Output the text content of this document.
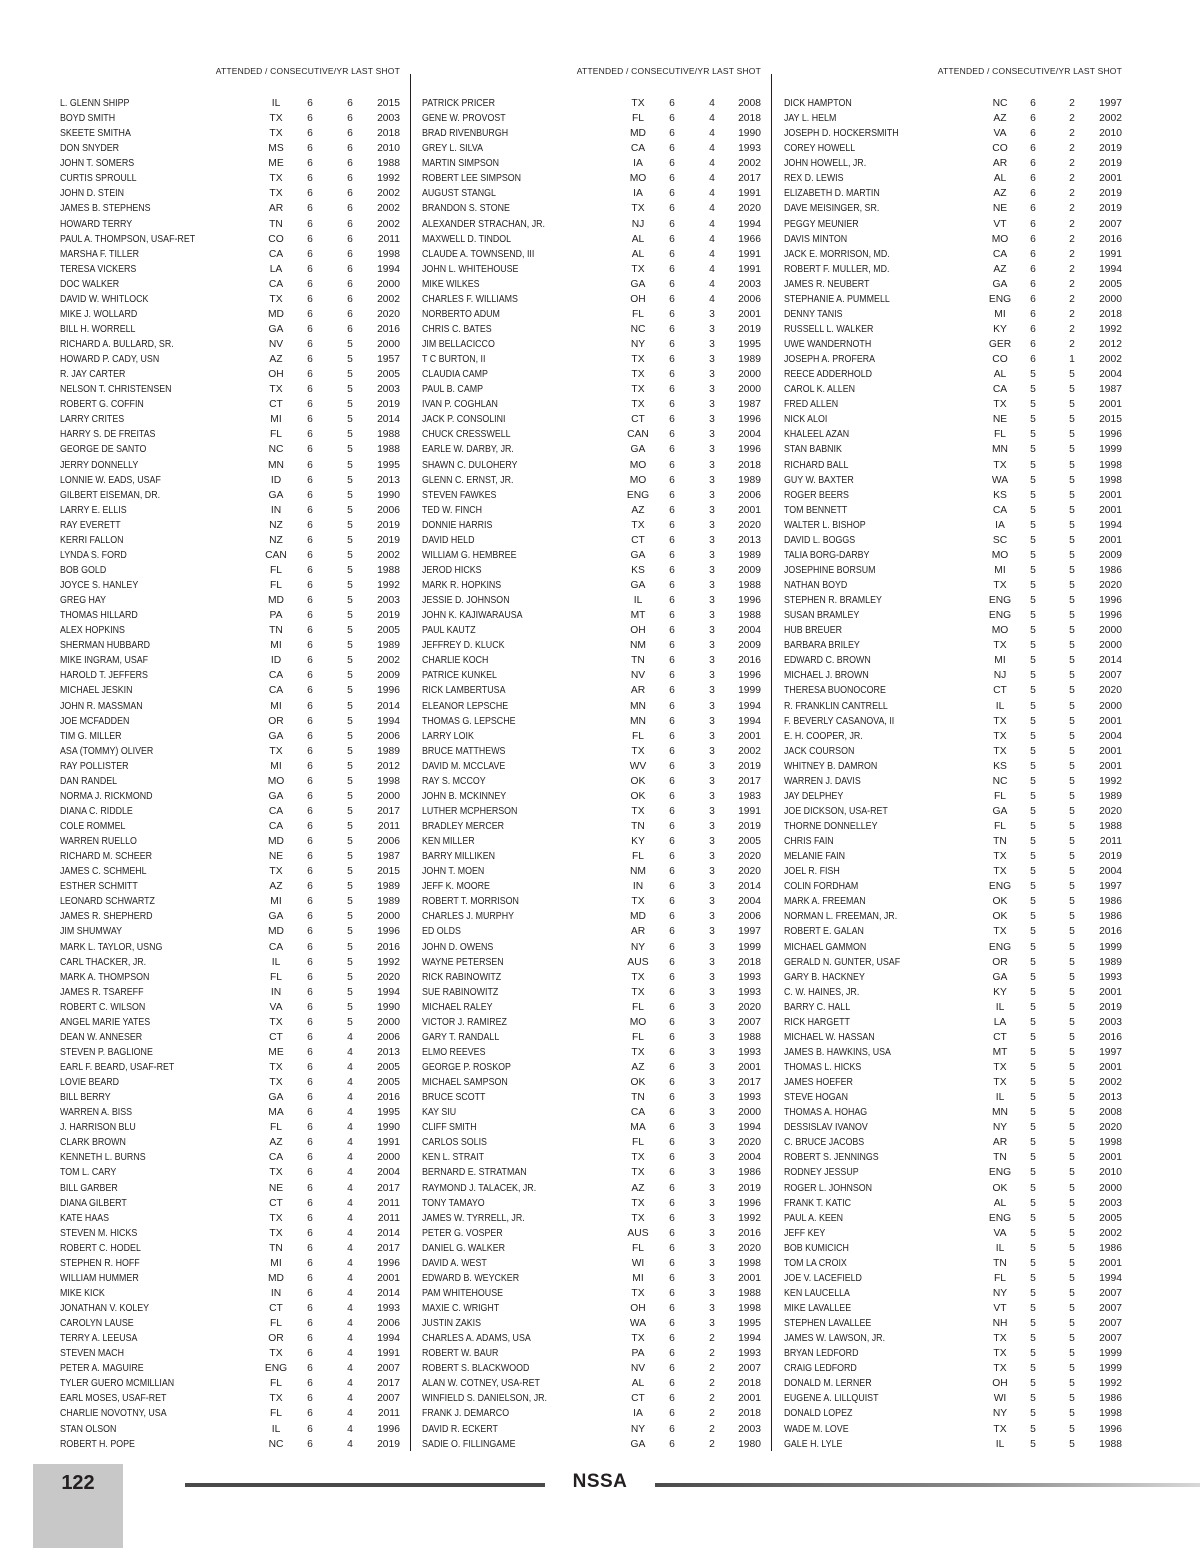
ATTENDED / CONSECUTIVE/YR LAST SHOT
L. GLENN SHIPP	IL	6	6	2015
BOYD SMITH	TX	6	6	2003
SKEETE SMITHA	TX	6	6	2018
DON SNYDER	MS	6	6	2010
JOHN T. SOMERS	ME	6	6	1988
CURTIS SPROULL	TX	6	6	1992
JOHN D. STEIN	TX	6	6	2002
JAMES B. STEPHENS	AR	6	6	2002
HOWARD TERRY	TN	6	6	2002
PAUL A. THOMPSON, USAF-RET	CO	6	6	2011
MARSHA F. TILLER	CA	6	6	1998
TERESA VICKERS	LA	6	6	1994
DOC WALKER	CA	6	6	2000
DAVID W. WHITLOCK	TX	6	6	2002
MIKE J. WOLLARD	MD	6	6	2020
BILL H. WORRELL	GA	6	6	2016
RICHARD A. BULLARD, SR.	NV	6	5	2000
HOWARD P. CADY, USN	AZ	6	5	1957
R. JAY CARTER	OH	6	5	2005
NELSON T. CHRISTENSEN	TX	6	5	2003
ROBERT G. COFFIN	CT	6	5	2019
LARRY CRITES	MI	6	5	2014
HARRY S. DE FREITAS	FL	6	5	1988
GEORGE DE SANTO	NC	6	5	1988
JERRY DONNELLY	MN	6	5	1995
LONNIE W. EADS, USAF	ID	6	5	2013
GILBERT EISEMAN, DR.	GA	6	5	1990
LARRY E. ELLIS	IN	6	5	2006
RAY EVERETT	NZ	6	5	2019
KERRI FALLON	NZ	6	5	2019
LYNDA S. FORD	CAN	6	5	2002
BOB GOLD	FL	6	5	1988
JOYCE S. HANLEY	FL	6	5	1992
GREG HAY	MD	6	5	2003
THOMAS HILLARD	PA	6	5	2019
ALEX HOPKINS	TN	6	5	2005
SHERMAN HUBBARD	MI	6	5	1989
MIKE INGRAM, USAF	ID	6	5	2002
HAROLD T. JEFFERS	CA	6	5	2009
MICHAEL JESKIN	CA	6	5	1996
JOHN R. MASSMAN	MI	6	5	2014
JOE MCFADDEN	OR	6	5	1994
TIM G. MILLER	GA	6	5	2006
ASA (TOMMY) OLIVER	TX	6	5	1989
RAY POLLISTER	MI	6	5	2012
DAN RANDEL	MO	6	5	1998
NORMA J. RICKMOND	GA	6	5	2000
DIANA C. RIDDLE	CA	6	5	2017
COLE ROMMEL	CA	6	5	2011
WARREN RUELLO	MD	6	5	2006
RICHARD M. SCHEER	NE	6	5	1987
JAMES C. SCHMEHL	TX	6	5	2015
ESTHER SCHMITT	AZ	6	5	1989
LEONARD SCHWARTZ	MI	6	5	1989
JAMES R. SHEPHERD	GA	6	5	2000
JIM SHUMWAY	MD	6	5	1996
MARK L. TAYLOR, USNG	CA	6	5	2016
CARL THACKER, JR.	IL	6	5	1992
MARK A. THOMPSON	FL	6	5	2020
JAMES R. TSAREFF	IN	6	5	1994
ROBERT C. WILSON	VA	6	5	1990
ANGEL MARIE YATES	TX	6	5	2000
DEAN W. ANNESER	CT	6	4	2006
STEVEN P. BAGLIONE	ME	6	4	2013
EARL F. BEARD, USAF-RET	TX	6	4	2005
LOVIE BEARD	TX	6	4	2005
BILL BERRY	GA	6	4	2016
WARREN A. BISS	MA	6	4	1995
J. HARRISON BLU	FL	6	4	1990
CLARK BROWN	AZ	6	4	1991
KENNETH L. BURNS	CA	6	4	2000
TOM L. CARY	TX	6	4	2004
BILL GARBER	NE	6	4	2017
DIANA GILBERT	CT	6	4	2011
KATE HAAS	TX	6	4	2011
STEVEN M. HICKS	TX	6	4	2014
ROBERT C. HODEL	TN	6	4	2017
STEPHEN R. HOFF	MI	6	4	1996
WILLIAM HUMMER	MD	6	4	2001
MIKE KICK	IN	6	4	2014
JONATHAN V. KOLEY	CT	6	4	1993
CAROLYN LAUSE	FL	6	4	2006
TERRY A. LEEUSA	OR	6	4	1994
STEVEN MACH	TX	6	4	1991
PETER A. MAGUIRE	ENG	6	4	2007
TYLER GUERO MCMILLIAN	FL	6	4	2017
EARL MOSES, USAF-RET	TX	6	4	2007
CHARLIE NOVOTNY, USA	FL	6	4	2011
STAN OLSON	IL	6	4	1996
ROBERT H. POPE	NC	6	4	2019
ATTENDED / CONSECUTIVE/YR LAST SHOT
PATRICK PRICER	TX	6	4	2008
GENE W. PROVOST	FL	6	4	2018
BRAD RIVENBURGH	MD	6	4	1990
GREY L. SILVA	CA	6	4	1993
MARTIN SIMPSON	IA	6	4	2002
ROBERT LEE SIMPSON	MO	6	4	2017
AUGUST STANGL	IA	6	4	1991
BRANDON S. STONE	TX	6	4	2020
ALEXANDER STRACHAN, JR.	NJ	6	4	1994
MAXWELL D. TINDOL	AL	6	4	1966
CLAUDE A. TOWNSEND, III	AL	6	4	1991
JOHN L. WHITEHOUSE	TX	6	4	1991
MIKE WILKES	GA	6	4	2003
CHARLES F. WILLIAMS	OH	6	4	2006
NORBERTO ADUM	FL	6	3	2001
CHRIS C. BATES	NC	6	3	2019
JIM BELLACICCO	NY	6	3	1995
T C BURTON, II	TX	6	3	1989
CLAUDIA CAMP	TX	6	3	2000
PAUL B. CAMP	TX	6	3	2000
IVAN P. COGHLAN	TX	6	3	1987
JACK P. CONSOLINI	CT	6	3	1996
CHUCK CRESSWELL	CAN	6	3	2004
EARLE W. DARBY, JR.	GA	6	3	1996
SHAWN C. DULOHERY	MO	6	3	2018
GLENN C. ERNST, JR.	MO	6	3	1989
STEVEN FAWKES	ENG	6	3	2006
TED W. FINCH	AZ	6	3	2001
DONNIE HARRIS	TX	6	3	2020
DAVID HELD	CT	6	3	2013
WILLIAM G. HEMBREE	GA	6	3	1989
JEROD HICKS	KS	6	3	2009
MARK R. HOPKINS	GA	6	3	1988
JESSIE D. JOHNSON	IL	6	3	1996
JOHN K. KAJIWARAUSA	MT	6	3	1988
PAUL KAUTZ	OH	6	3	2004
JEFFREY D. KLUCK	NM	6	3	2009
CHARLIE KOCH	TN	6	3	2016
PATRICE KUNKEL	NV	6	3	1996
RICK LAMBERTUSA	AR	6	3	1999
ELEANOR LEPSCHE	MN	6	3	1994
THOMAS G. LEPSCHE	MN	6	3	1994
LARRY LOIK	FL	6	3	2001
BRUCE MATTHEWS	TX	6	3	2002
DAVID M. MCCLAVE	WV	6	3	2019
RAY S. MCCOY	OK	6	3	2017
JOHN B. MCKINNEY	OK	6	3	1983
LUTHER MCPHERSON	TX	6	3	1991
BRADLEY MERCER	TN	6	3	2019
KEN MILLER	KY	6	3	2005
BARRY MILLIKEN	FL	6	3	2020
JOHN T. MOEN	NM	6	3	2020
JEFF K. MOORE	IN	6	3	2014
ROBERT T. MORRISON	TX	6	3	2004
CHARLES J. MURPHY	MD	6	3	2006
ED OLDS	AR	6	3	1997
JOHN D. OWENS	NY	6	3	1999
WAYNE PETERSEN	AUS	6	3	2018
RICK RABINOWITZ	TX	6	3	1993
SUE RABINOWITZ	TX	6	3	1993
MICHAEL RALEY	FL	6	3	2020
VICTOR J. RAMIREZ	MO	6	3	2007
GARY T. RANDALL	FL	6	3	1988
ELMO REEVES	TX	6	3	1993
GEORGE P. ROSKOP	AZ	6	3	2001
MICHAEL SAMPSON	OK	6	3	2017
BRUCE SCOTT	TN	6	3	1993
KAY SIU	CA	6	3	2000
CLIFF SMITH	MA	6	3	1994
CARLOS SOLIS	FL	6	3	2020
KEN L. STRAIT	TX	6	3	2004
BERNARD E. STRATMAN	TX	6	3	1986
RAYMOND J. TALACEK, JR.	AZ	6	3	2019
TONY TAMAYO	TX	6	3	1996
JAMES W. TYRRELL, JR.	TX	6	3	1992
PETER G. VOSPER	AUS	6	3	2016
DANIEL G. WALKER	FL	6	3	2020
DAVID A. WEST	WI	6	3	1998
EDWARD B. WEYCKER	MI	6	3	2001
PAM WHITEHOUSE	TX	6	3	1988
MAXIE C. WRIGHT	OH	6	3	1998
JUSTIN ZAKIS	WA	6	3	1995
CHARLES A. ADAMS, USA	TX	6	2	1994
ROBERT W. BAUR	PA	6	2	1993
ROBERT S. BLACKWOOD	NV	6	2	2007
ALAN W. COTNEY, USA-RET	AL	6	2	2018
WINFIELD S. DANIELSON, JR.	CT	6	2	2001
FRANK J. DEMARCO	IA	6	2	2018
DAVID R. ECKERT	NY	6	2	2003
SADIE O. FILLINGAME	GA	6	2	1980
ATTENDED / CONSECUTIVE/YR LAST SHOT
DICK HAMPTON	NC	6	2	1997
JAY L. HELM	AZ	6	2	2002
JOSEPH D. HOCKERSMITH	VA	6	2	2010
COREY HOWELL	CO	6	2	2019
JOHN HOWELL, JR.	AR	6	2	2019
REX D. LEWIS	AL	6	2	2001
ELIZABETH D. MARTIN	AZ	6	2	2019
DAVE MEISINGER, SR.	NE	6	2	2019
PEGGY MEUNIER	VT	6	2	2007
DAVIS MINTON	MO	6	2	2016
JACK E. MORRISON, MD.	CA	6	2	1991
ROBERT F. MULLER, MD.	AZ	6	2	1994
JAMES R. NEUBERT	GA	6	2	2005
STEPHANIE A. PUMMELL	ENG	6	2	2000
DENNY TANIS	MI	6	2	2018
RUSSELL L. WALKER	KY	6	2	1992
UWE WANDERNOTH	GER	6	2	2012
JOSEPH A. PROFERA	CO	6	1	2002
REECE ADDERHOLD	AL	5	5	2004
CAROL K. ALLEN	CA	5	5	1987
FRED ALLEN	TX	5	5	2001
NICK ALOI	NE	5	5	2015
KHALEEL AZAN	FL	5	5	1996
STAN BABNIK	MN	5	5	1999
RICHARD BALL	TX	5	5	1998
GUY W. BAXTER	WA	5	5	1998
ROGER BEERS	KS	5	5	2001
TOM BENNETT	CA	5	5	2001
WALTER L. BISHOP	IA	5	5	1994
DAVID L. BOGGS	SC	5	5	2001
TALIA BORG-DARBY	MO	5	5	2009
JOSEPHINE BORSUM	MI	5	5	1986
NATHAN BOYD	TX	5	5	2020
STEPHEN R. BRAMLEY	ENG	5	5	1996
SUSAN BRAMLEY	ENG	5	5	1996
HUB BREUER	MO	5	5	2000
BARBARA BRILEY	TX	5	5	2000
EDWARD C. BROWN	MI	5	5	2014
MICHAEL J. BROWN	NJ	5	5	2007
THERESA BUONOCORE	CT	5	5	2020
R. FRANKLIN CANTRELL	IL	5	5	2000
F. BEVERLY CASANOVA, II	TX	5	5	2001
E. H. COOPER, JR.	TX	5	5	2004
JACK COURSON	TX	5	5	2001
WHITNEY B. DAMRON	KS	5	5	2001
WARREN J. DAVIS	NC	5	5	1992
JAY DELPHEY	FL	5	5	1989
JOE DICKSON, USA-RET	GA	5	5	2020
THORNE DONNELLEY	FL	5	5	1988
CHRIS FAIN	TN	5	5	2011
MELANIE FAIN	TX	5	5	2019
JOEL R. FISH	TX	5	5	2004
COLIN FORDHAM	ENG	5	5	1997
MARK A. FREEMAN	OK	5	5	1986
NORMAN L. FREEMAN, JR.	OK	5	5	1986
ROBERT E. GALAN	TX	5	5	2016
MICHAEL GAMMON	ENG	5	5	1999
GERALD N. GUNTER, USAF	OR	5	5	1989
GARY B. HACKNEY	GA	5	5	1993
C. W. HAINES, JR.	KY	5	5	2001
BARRY C. HALL	IL	5	5	2019
RICK HARGETT	LA	5	5	2003
MICHAEL W. HASSAN	CT	5	5	2016
JAMES B. HAWKINS, USA	MT	5	5	1997
THOMAS L. HICKS	TX	5	5	2001
JAMES HOEFER	TX	5	5	2002
STEVE HOGAN	IL	5	5	2013
THOMAS A. HOHAG	MN	5	5	2008
DESSISLAV IVANOV	NY	5	5	2020
C. BRUCE JACOBS	AR	5	5	1998
ROBERT S. JENNINGS	TN	5	5	2001
RODNEY JESSUP	ENG	5	5	2010
ROGER L. JOHNSON	OK	5	5	2000
FRANK T. KATIC	AL	5	5	2003
PAUL A. KEEN	ENG	5	5	2005
JEFF KEY	VA	5	5	2002
BOB KUMICICH	IL	5	5	1986
TOM LA CROIX	TN	5	5	2001
JOE V. LACEFIELD	FL	5	5	1994
KEN LAUCELLA	NY	5	5	2007
MIKE LAVALLEE	VT	5	5	2007
STEPHEN LAVALLEE	NH	5	5	2007
JAMES W. LAWSON, JR.	TX	5	5	2007
BRYAN LEDFORD	TX	5	5	1999
CRAIG LEDFORD	TX	5	5	1999
DONALD M. LERNER	OH	5	5	1992
EUGENE A. LILLQUIST	WI	5	5	1986
DONALD LOPEZ	NY	5	5	1998
WADE M. LOVE	TX	5	5	1996
GALE H. LYLE	IL	5	5	1988
122	NSSA
